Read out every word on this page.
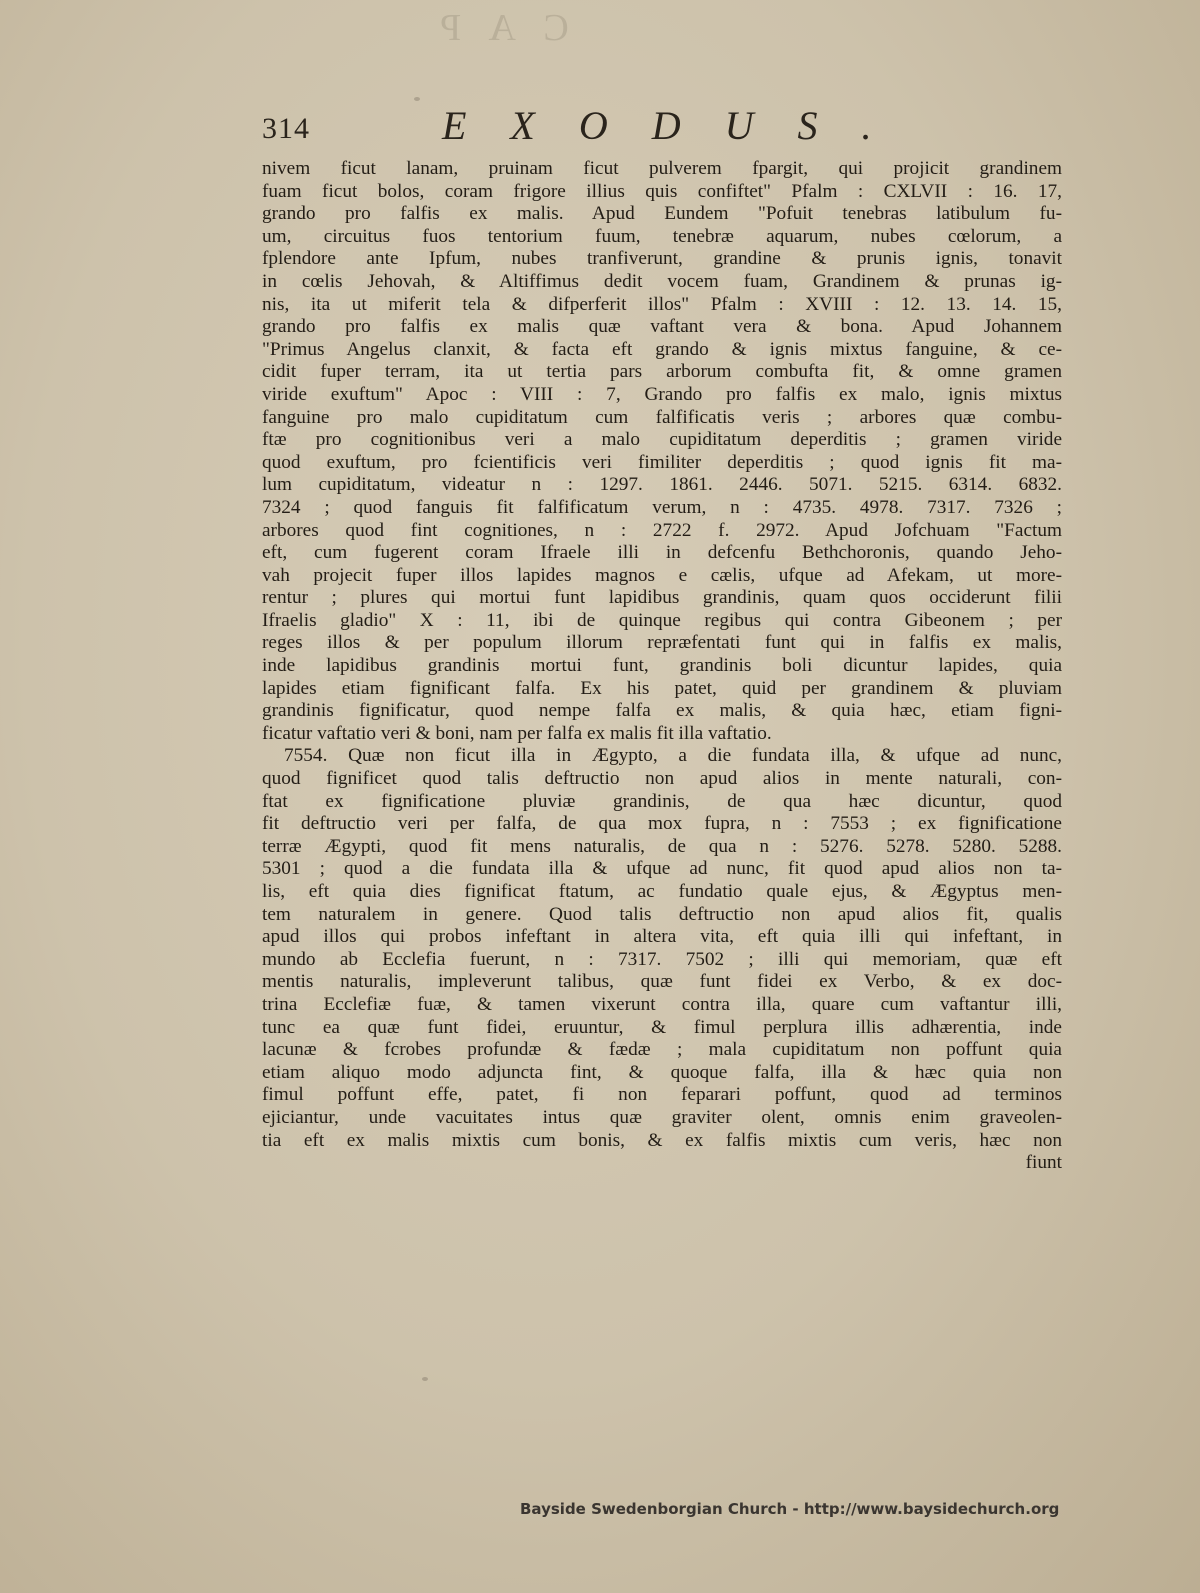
C A P
314	EXODUS.
nivem ficut lanam, pruinam ficut pulverem fpargit, qui projicit grandinem
fuam ficut bolos, coram frigore illius quis confiftet" Pfalm : CXLVII : 16. 17,
grando pro falfis ex malis. Apud Eundem "Pofuit tenebras latibulum fu-
um, circuitus fuos tentorium fuum, tenebræ aquarum, nubes cœlorum, a
fplendore ante Ipfum, nubes tranfiverunt, grandine & prunis ignis, tonavit
in cœlis Jehovah, & Altiffimus dedit vocem fuam, Grandinem & prunas ig-
nis, ita ut miferit tela & difperferit illos" Pfalm : XVIII : 12. 13. 14. 15,
grando pro falfis ex malis quæ vaftant vera & bona. Apud Johannem
"Primus Angelus clanxit, & facta eft grando & ignis mixtus fanguine, & ce-
cidit fuper terram, ita ut tertia pars arborum combufta fit, & omne gramen
viride exuftum" Apoc : VIII : 7, Grando pro falfis ex malo, ignis mixtus
fanguine pro malo cupiditatum cum falfificatis veris ; arbores quæ combu-
ftæ pro cognitionibus veri a malo cupiditatum deperditis ; gramen viride
quod exuftum, pro fcientificis veri fimiliter deperditis ; quod ignis fit ma-
lum cupiditatum, videatur n : 1297. 1861. 2446. 5071. 5215. 6314. 6832.
7324 ; quod fanguis fit falfificatum verum, n : 4735. 4978. 7317. 7326 ;
arbores quod fint cognitiones, n : 2722 f. 2972. Apud Jofchuam "Factum
eft, cum fugerent coram Ifraele illi in defcenfu Bethchoronis, quando Jeho-
vah projecit fuper illos lapides magnos e cælis, ufque ad Afekam, ut more-
rentur ; plures qui mortui funt lapidibus grandinis, quam quos occiderunt filii
Ifraelis gladio" X : 11, ibi de quinque regibus qui contra Gibeonem ; per
reges illos & per populum illorum repræfentati funt qui in falfis ex malis,
inde lapidibus grandinis mortui funt, grandinis boli dicuntur lapides, quia
lapides etiam fignificant falfa. Ex his patet, quid per grandinem & pluviam
grandinis fignificatur, quod nempe falfa ex malis, & quia hæc, etiam figni-
ficatur vaftatio veri & boni, nam per falfa ex malis fit illa vaftatio.
7554. Quæ non ficut illa in Ægypto, a die fundata illa, & ufque ad nunc,
quod fignificet quod talis deftructio non apud alios in mente naturali, con-
ftat ex fignificatione pluviæ grandinis, de qua hæc dicuntur, quod
fit deftructio veri per falfa, de qua mox fupra, n : 7553 ; ex fignificatione
terræ Ægypti, quod fit mens naturalis, de qua n : 5276. 5278. 5280. 5288.
5301 ; quod a die fundata illa & ufque ad nunc, fit quod apud alios non ta-
lis, eft quia dies fignificat ftatum, ac fundatio quale ejus, & Ægyptus men-
tem naturalem in genere. Quod talis deftructio non apud alios fit, qualis
apud illos qui probos infeftant in altera vita, eft quia illi qui infeftant, in
mundo ab Ecclefia fuerunt, n : 7317. 7502 ; illi qui memoriam, quæ eft
mentis naturalis, impleverunt talibus, quæ funt fidei ex Verbo, & ex doc-
trina Ecclefiæ fuæ, & tamen vixerunt contra illa, quare cum vaftantur illi,
tunc ea quæ funt fidei, eruuntur, & fimul perplura illis adhærentia, inde
lacunæ & fcrobes profundæ & fædæ ; mala cupiditatum non poffunt quia
etiam aliquo modo adjuncta fint, & quoque falfa, illa & hæc quia non
fimul poffunt effe, patet, fi non feparari poffunt, quod ad terminos
ejiciantur, unde vacuitates intus quæ graviter olent, omnis enim graveolen-
tia eft ex malis mixtis cum bonis, & ex falfis mixtis cum veris, hæc non
fiunt
Bayside Swedenborgian Church - http://www.baysidechurch.org
